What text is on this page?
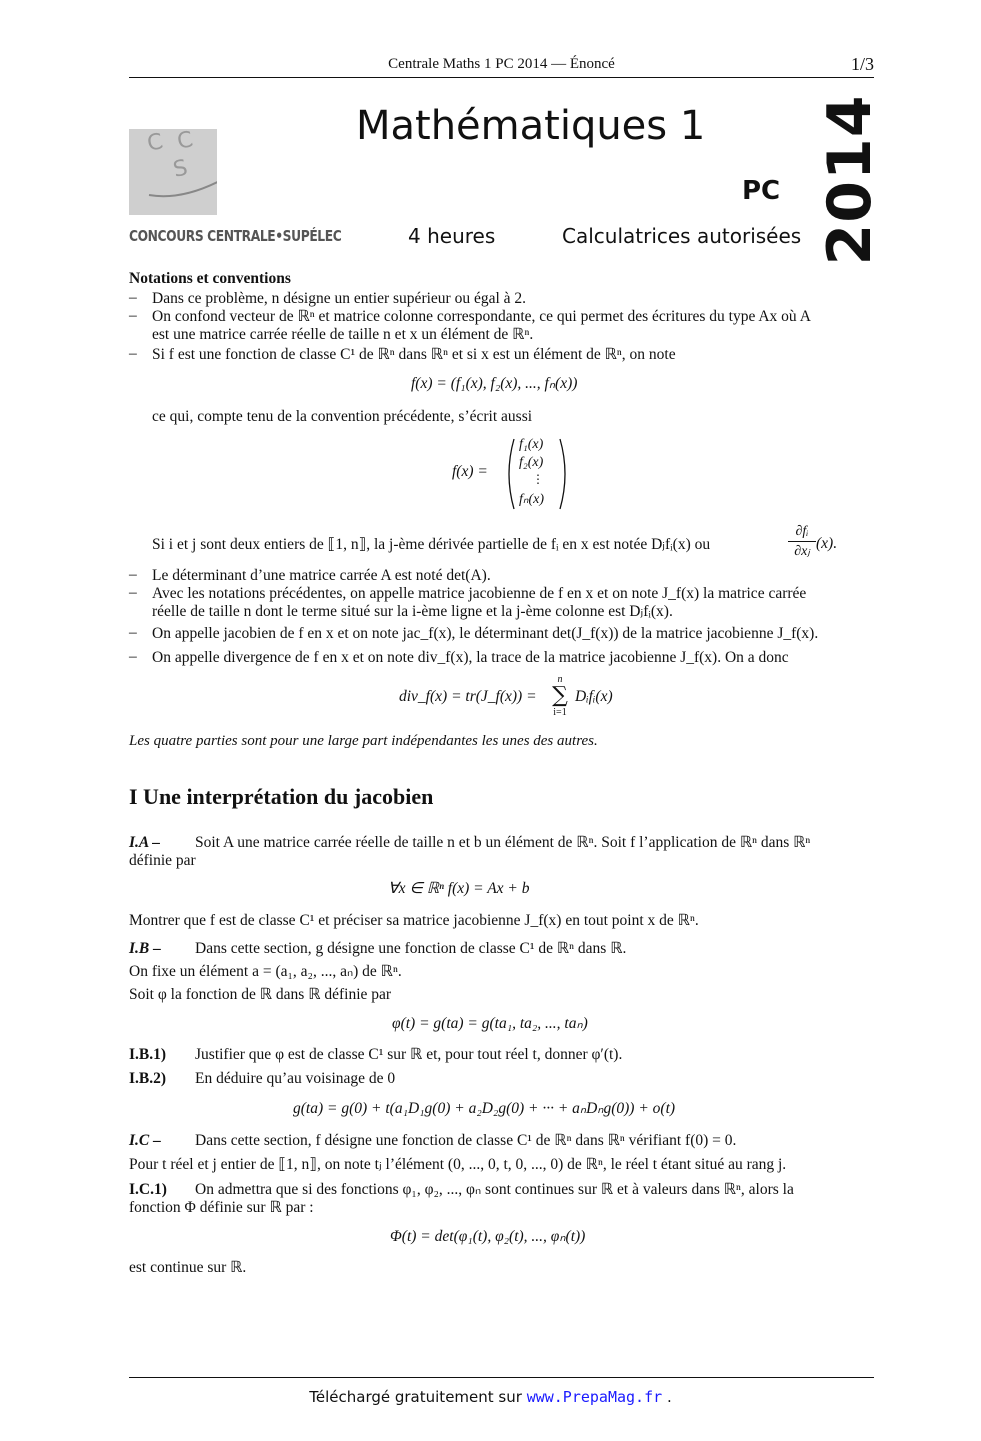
Centrale Maths 1 PC 2014 — Énoncé	1/3
C C
S
CONCOURS CENTRALE•SUPÉLEC
Mathématiques 1
PC
4 heures	Calculatrices autorisées 2014
Notations et conventions
– Dans ce problème, n désigne un entier supérieur ou égal à 2.
– On confond vecteur de ℝⁿ et matrice colonne correspondante, ce qui permet des écritures du type Ax où A
est une matrice carrée réelle de taille n et x un élément de ℝⁿ.
– Si f est une fonction de classe C¹ de ℝⁿ dans ℝⁿ et si x est un élément de ℝⁿ, on note
f(x) = (f₁(x), f₂(x), ..., fₙ(x))
ce qui, compte tenu de la convention précédente, s’écrit aussi
f(x) =
f₁(x)
f₂(x)
⋮
fₙ(x)
Si i et j sont deux entiers de ⟦1, n⟧, la j-ème dérivée partielle de fᵢ en x est notée Dⱼfᵢ(x) ou
∂fᵢ
∂xⱼ (x).
– Le déterminant d’une matrice carrée A est noté det(A).
– Avec les notations précédentes, on appelle matrice jacobienne de f en x et on note J_f(x) la matrice carrée
réelle de taille n dont le terme situé sur la i-ème ligne et la j-ème colonne est Dⱼfᵢ(x).
– On appelle jacobien de f en x et on note jac_f(x), le déterminant det(J_f(x)) de la matrice jacobienne J_f(x).
– On appelle divergence de f en x et on note div_f(x), la trace de la matrice jacobienne J_f(x). On a donc
div_f(x) = tr(J_f(x)) =
n
∑
i=1
Dᵢfᵢ(x)
Les quatre parties sont pour une large part indépendantes les unes des autres.
I Une interprétation du jacobien
I.A – Soit A une matrice carrée réelle de taille n et b un élément de ℝⁿ. Soit f l’application de ℝⁿ dans ℝⁿ
définie par
∀x ∈ ℝⁿ f(x) = Ax + b
Montrer que f est de classe C¹ et préciser sa matrice jacobienne J_f(x) en tout point x de ℝⁿ.
I.B – Dans cette section, g désigne une fonction de classe C¹ de ℝⁿ dans ℝ.
On fixe un élément a = (a₁, a₂, ..., aₙ) de ℝⁿ.
Soit φ la fonction de ℝ dans ℝ définie par
φ(t) = g(ta) = g(ta₁, ta₂, ..., taₙ)
I.B.1) Justifier que φ est de classe C¹ sur ℝ et, pour tout réel t, donner φ′(t).
I.B.2) En déduire qu’au voisinage de 0
g(ta) = g(0) + t(a₁D₁g(0) + a₂D₂g(0) + ··· + aₙDₙg(0)) + o(t)
I.C – Dans cette section, f désigne une fonction de classe C¹ de ℝⁿ dans ℝⁿ vérifiant f(0) = 0.
Pour t réel et j entier de ⟦1, n⟧, on note tⱼ l’élément (0, ..., 0, t, 0, ..., 0) de ℝⁿ, le réel t étant situé au rang j.
I.C.1) On admettra que si des fonctions φ₁, φ₂, ..., φₙ sont continues sur ℝ et à valeurs dans ℝⁿ, alors la
fonction Φ définie sur ℝ par :
Φ(t) = det(φ₁(t), φ₂(t), ..., φₙ(t))
est continue sur ℝ.
Téléchargé gratuitement sur www.PrepaMag.fr .
